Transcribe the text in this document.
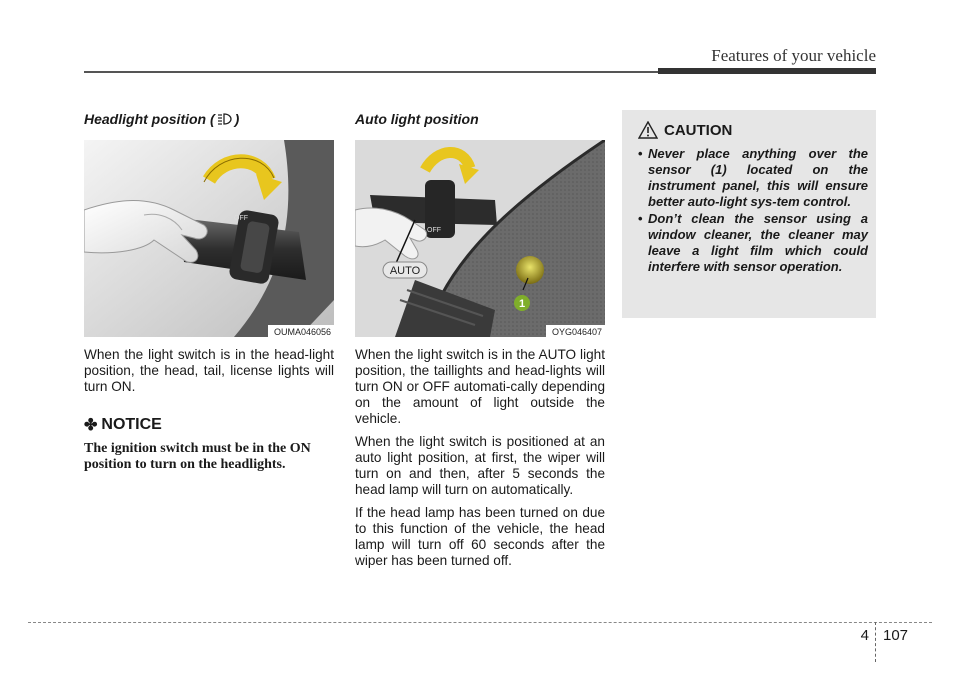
Features of your vehicle
Headlight position ( )
OFF
OUMA046056

When the light switch is in the head-light position, the head, tail, license lights will turn ON.

✤ NOTICE
The ignition switch must be in the ON position to turn on the headlights.
Auto light position
OFF
1
AUTO
OYG046407

When the light switch is in the AUTO light position, the taillights and head-lights will turn ON or OFF automati-cally depending on the amount of light outside the vehicle.

When the light switch is positioned at an auto light position, at first, the wiper will turn on and then, after 5 seconds the head lamp will turn on automatically.

If the head lamp has been turned on due to this function of the vehicle, the head lamp will turn off 60 seconds after the wiper has been turned off.

CAUTION
• Never place anything over the sensor (1) located on the instrument panel, this will ensure better auto-light sys-tem control.
• Don’t clean the sensor using a window cleaner, the cleaner may leave a light film which could interfere with sensor operation.
4 107
